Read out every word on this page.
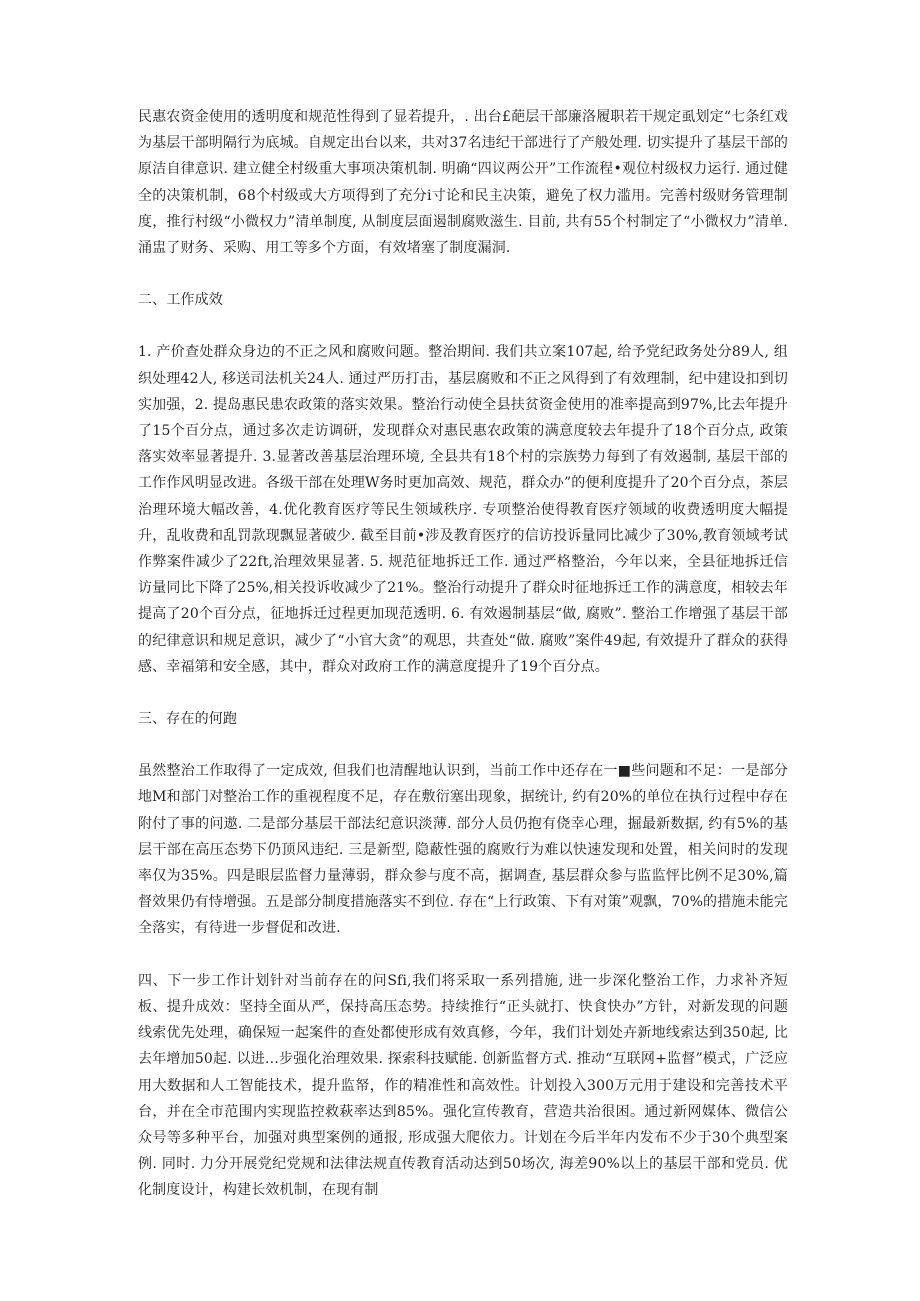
民惠农资金使用的透明度和规范性得到了显若提升，. 出台£葩层干部廉洛履职若干规定虱划定“七条红戏为基层干部明隔行为底城。自规定出台以来，共对37名违纪干部进行了产般处理. 切实提升了基层干部的原洁自律意识. 建立健全村级重大事项决策机制. 明确“四议两公开”工作流程•观位村级权力运行. 通过健全的决策机制，68个村级或大方项得到了充分i寸论和民主决策，避免了权力滥用。完善村级财务管理制度，推行村级“小微权力”清单制度, 从制度层面遏制腐败滋生. 目前, 共有55个村制定了“小微权力”清单. 涌盅了财务、采购、用工等多个方面，有效堵塞了制度漏洞.

二、工作成效

1. 产价查处群众身边的不正之风和腐败问题。整治期间. 我们共立案107起, 给予党纪政务处分89人, 组织处理42人, 移送司法机关24人. 通过严历打击，基层腐败和不正之风得到了有效理制，纪中建设扣到切实加强，2. 提岛惠民患农政策的落实效果。整治行动使全县扶贫资金使用的准率提高到97%,比去年提升了15个百分点，通过多次走访调研，发现群众对惠民惠农政策的满意度较去年提升了18个百分点, 政策落实效率显著提升. 3.显著改善基层治理环境, 全县共有18个村的宗族势力每到了有效遏制, 基层干部的工作作风明显改进。各级干部在处理W务时更加高效、规范，群众办”的便利度提升了20个百分点，茶层治理环境大幅改善，4.优化教育医疗等民生领域秩序. 专项整治使得教育医疗领域的收费透明度大幅提升，乱收费和乱罚款现飘显著破少. 截至目前•涉及教育医疗的信访投诉量同比减少了30%,教育领域考试作弊案件减少了22ft,治理效果显著. 5. 规范征地拆迁工作. 通过严格整治，今年以来，全县征地拆迁信访量同比下降了25%,相关投诉收减少了21%。整治行动提升了群众时征地拆迁工作的满意度，相较去年提高了20个百分点，征地拆迁过程更加现范透明. 6. 有效遏制基层“做, 腐败”. 整治工作增强了基层干部的纪律意识和规足意识，减少了“小官大贪”的观思，共查处“做. 腐败”案件49起, 有效提升了群众的获得感、幸福第和安全感，其中，群众对政府工作的满意度提升了19个百分点。

三、存在的何跑

虽然整治工作取得了一定成效, 但我们也清醒地认识到，当前工作中还存在一■些问题和不足：一是部分地M和部门对整治工作的重视程度不足，存在敷衍塞出现象，据统计, 约有20%的单位在执行过程中存在附付了事的问遨. 二是部分基层干部法纪意识淡薄. 部分人员仍抱有侥幸心理，掘最新数据, 约有5%的基层干部在高压态势下仍顶风违纪. 三是新型, 隐蔽性强的腐败行为难以快速发现和处置，相关问时的发现率仅为35%。四是眼层监督力量薄弱，群众参与度不高，据调查, 基层群众参与监监怦比例不足30%,篇督效果仍有恃增强。五是部分制度措施落实不到位. 存在“上行政策、下有对策”观飘，70%的措施未能完全落实，有待进一步督促和改进.

四、下一步工作计划针对当前存在的问Sfi,我们将采取一系列措施, 进一步深化整治工作，力求补齐短板、提升成效：坚持全面从严，保持高压态势。持续推行“正头就打、快食快办”方针，对新发现的问题线索优先处理，确保短一起案件的查处都使形成有效真修，今年，我们计划处卉新地线索达到350起, 比去年增加50起. 以进…步强化治理效果. 探索科技赋能. 创新监督方式. 推动“互联网+监督”模式，广泛应用大数据和人工智能技术，提升监帑，作的精准性和高效性。计划投入300万元用于建设和完善技术平台，并在全市范围内实现监控救萩率达到85%。强化宣传教育，营造共治很困。通过新网媒体、微信公众号等多种平台，加强对典型案例的通报, 形成强大爬依力。计划在今后半年内发布不少于30个典型案例. 同时. 力分开展党纪党规和法律法规直传教育活动达到50场次, 海差90%以上的基层干部和党员. 优化制度设计，构建长效机制，在现有制
